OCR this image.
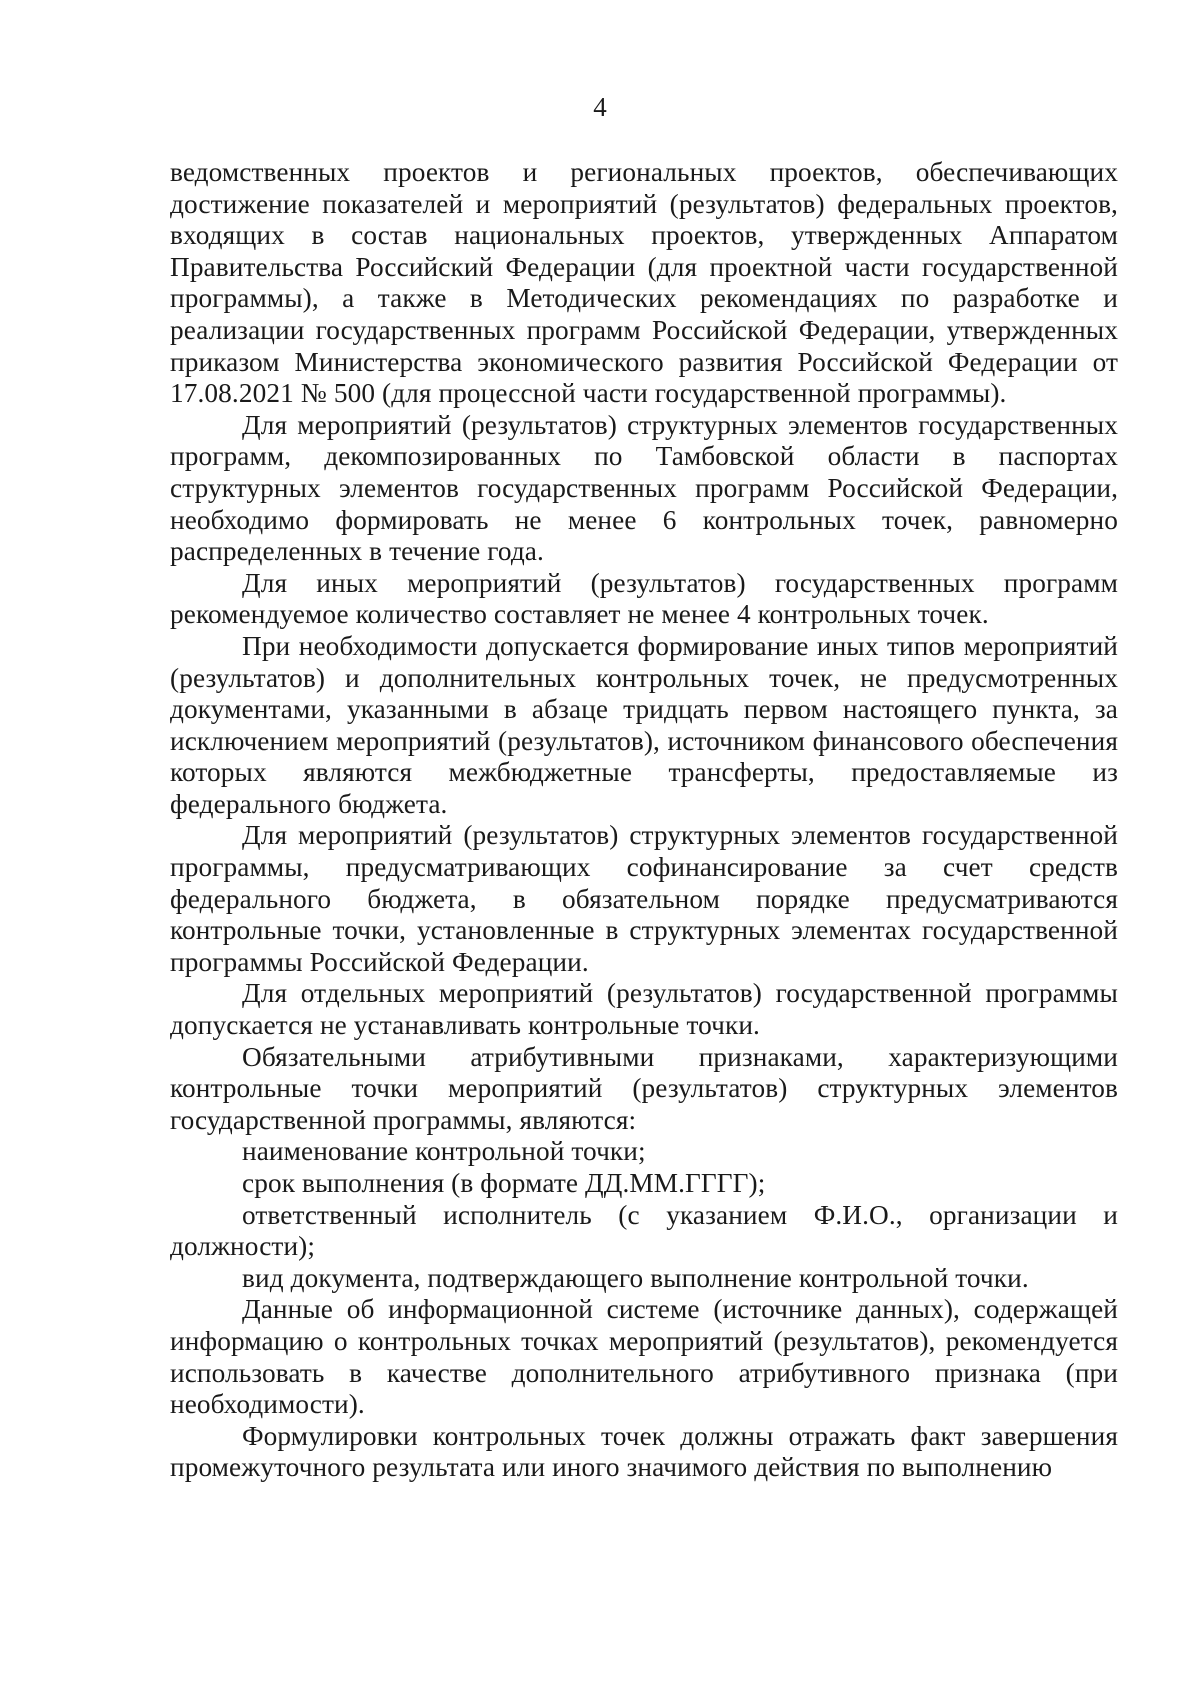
4

ведомственных проектов и региональных проектов, обеспечивающих достижение показателей и мероприятий (результатов) федеральных проектов, входящих в состав национальных проектов, утвержденных Аппаратом Правительства Российский Федерации (для проектной части государственной программы), а также в Методических рекомендациях по разработке и реализации государственных программ Российской Федерации, утвержденных приказом Министерства экономического развития Российской Федерации от 17.08.2021 № 500 (для процессной части государственной программы).

Для мероприятий (результатов) структурных элементов государственных программ, декомпозированных по Тамбовской области в паспортах структурных элементов государственных программ Российской Федерации, необходимо формировать не менее 6 контрольных точек, равномерно распределенных в течение года.

Для иных мероприятий (результатов) государственных программ рекомендуемое количество составляет не менее 4 контрольных точек.

При необходимости допускается формирование иных типов мероприятий (результатов) и дополнительных контрольных точек, не предусмотренных документами, указанными в абзаце тридцать первом настоящего пункта, за исключением мероприятий (результатов), источником финансового обеспечения которых являются межбюджетные трансферты, предоставляемые из федерального бюджета.

Для мероприятий (результатов) структурных элементов государственной программы, предусматривающих софинансирование за счет средств федерального бюджета, в обязательном порядке предусматриваются контрольные точки, установленные в структурных элементах государственной программы Российской Федерации.

Для отдельных мероприятий (результатов) государственной программы допускается не устанавливать контрольные точки.

Обязательными атрибутивными признаками, характеризующими контрольные точки мероприятий (результатов) структурных элементов государственной программы, являются:

наименование контрольной точки;

срок выполнения (в формате ДД.ММ.ГГГГ);

ответственный исполнитель (с указанием Ф.И.О., организации и должности);

вид документа, подтверждающего выполнение контрольной точки.

Данные об информационной системе (источнике данных), содержащей информацию о контрольных точках мероприятий (результатов), рекомендуется использовать в качестве дополнительного атрибутивного признака (при необходимости).

Формулировки контрольных точек должны отражать факт завершения промежуточного результата или иного значимого действия по выполнению
